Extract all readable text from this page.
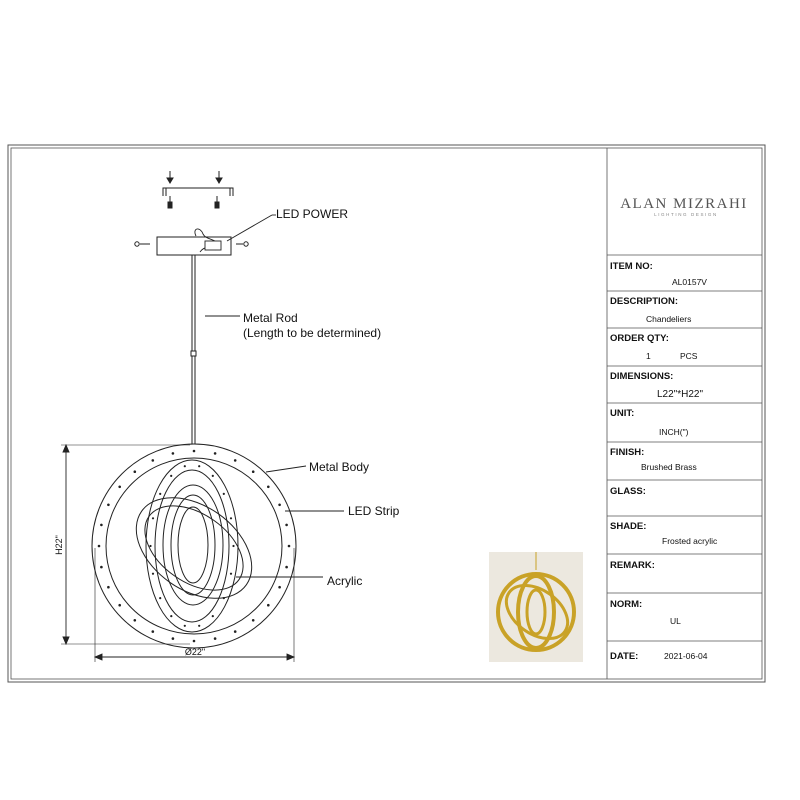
LED POWER
Metal Rod
(Length to be determined)
Metal Body
LED Strip
Acrylic
H22"
Ø22"
ALAN MIZRAHI
LIGHTING DESIGN
ITEM NO:
AL0157V
DESCRIPTION:
Chandeliers
ORDER QTY:
1	PCS
DIMENSIONS:
L22"*H22"
UNIT:
INCH(")
FINISH:
Brushed Brass
GLASS:
SHADE:
Frosted acrylic
REMARK:
NORM:
UL
DATE:	2021-06-04
